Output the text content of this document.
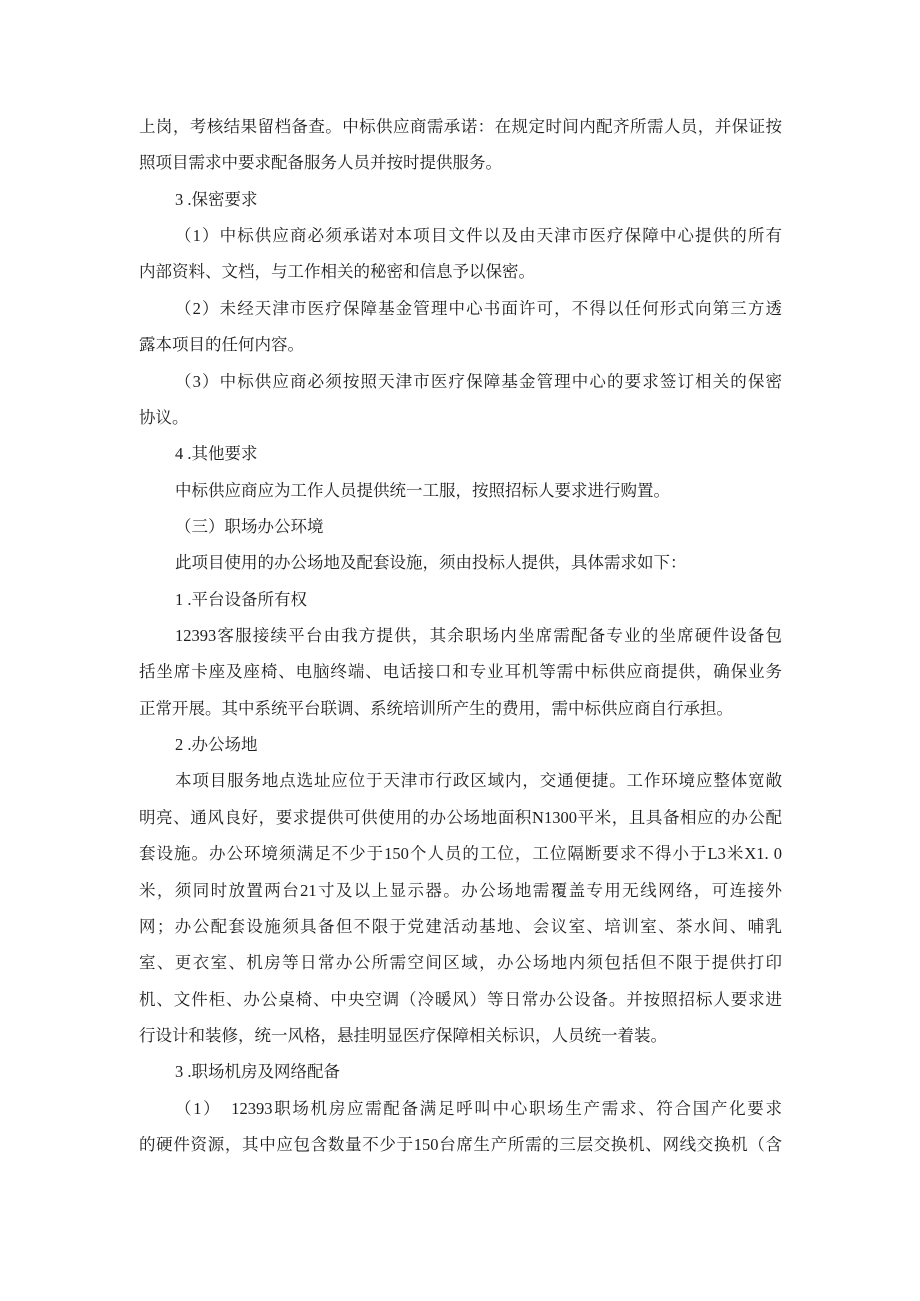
上岗，考核结果留档备查。中标供应商需承诺：在规定时间内配齐所需人员，并保证按
照项目需求中要求配备服务人员并按时提供服务。
3 .保密要求
（1）中标供应商必须承诺对本项目文件以及由天津市医疗保障中心提供的所有
内部资料、文档，与工作相关的秘密和信息予以保密。
（2）未经天津市医疗保障基金管理中心书面许可，不得以任何形式向第三方透
露本项目的任何内容。
（3）中标供应商必须按照天津市医疗保障基金管理中心的要求签订相关的保密
协议。
4 .其他要求
中标供应商应为工作人员提供统一工服，按照招标人要求进行购置。
（三）职场办公环境
此项目使用的办公场地及配套设施，须由投标人提供，具体需求如下：
1 .平台设备所有权
12393客服接续平台由我方提供，其余职场内坐席需配备专业的坐席硬件设备包
括坐席卡座及座椅、电脑终端、电话接口和专业耳机等需中标供应商提供，确保业务
正常开展。其中系统平台联调、系统培训所产生的费用，需中标供应商自行承担。
2 .办公场地
本项目服务地点选址应位于天津市行政区域内，交通便捷。工作环境应整体宽敞
明亮、通风良好，要求提供可供使用的办公场地面积N1300平米，且具备相应的办公配
套设施。办公环境须满足不少于150个人员的工位，工位隔断要求不得小于L3米X1. 0
米，须同时放置两台21寸及以上显示器。办公场地需覆盖专用无线网络，可连接外
网；办公配套设施须具备但不限于党建活动基地、会议室、培训室、茶水间、哺乳
室、更衣室、机房等日常办公所需空间区域，办公场地内须包括但不限于提供打印
机、文件柜、办公桌椅、中央空调（冷暖风）等日常办公设备。并按照招标人要求进
行设计和装修，统一风格，悬挂明显医疗保障相关标识，人员统一着装。
3 .职场机房及网络配备
（1）　12393职场机房应需配备满足呼叫中心职场生产需求、符合国产化要求
的硬件资源，其中应包含数量不少于150台席生产所需的三层交换机、网线交换机（含
